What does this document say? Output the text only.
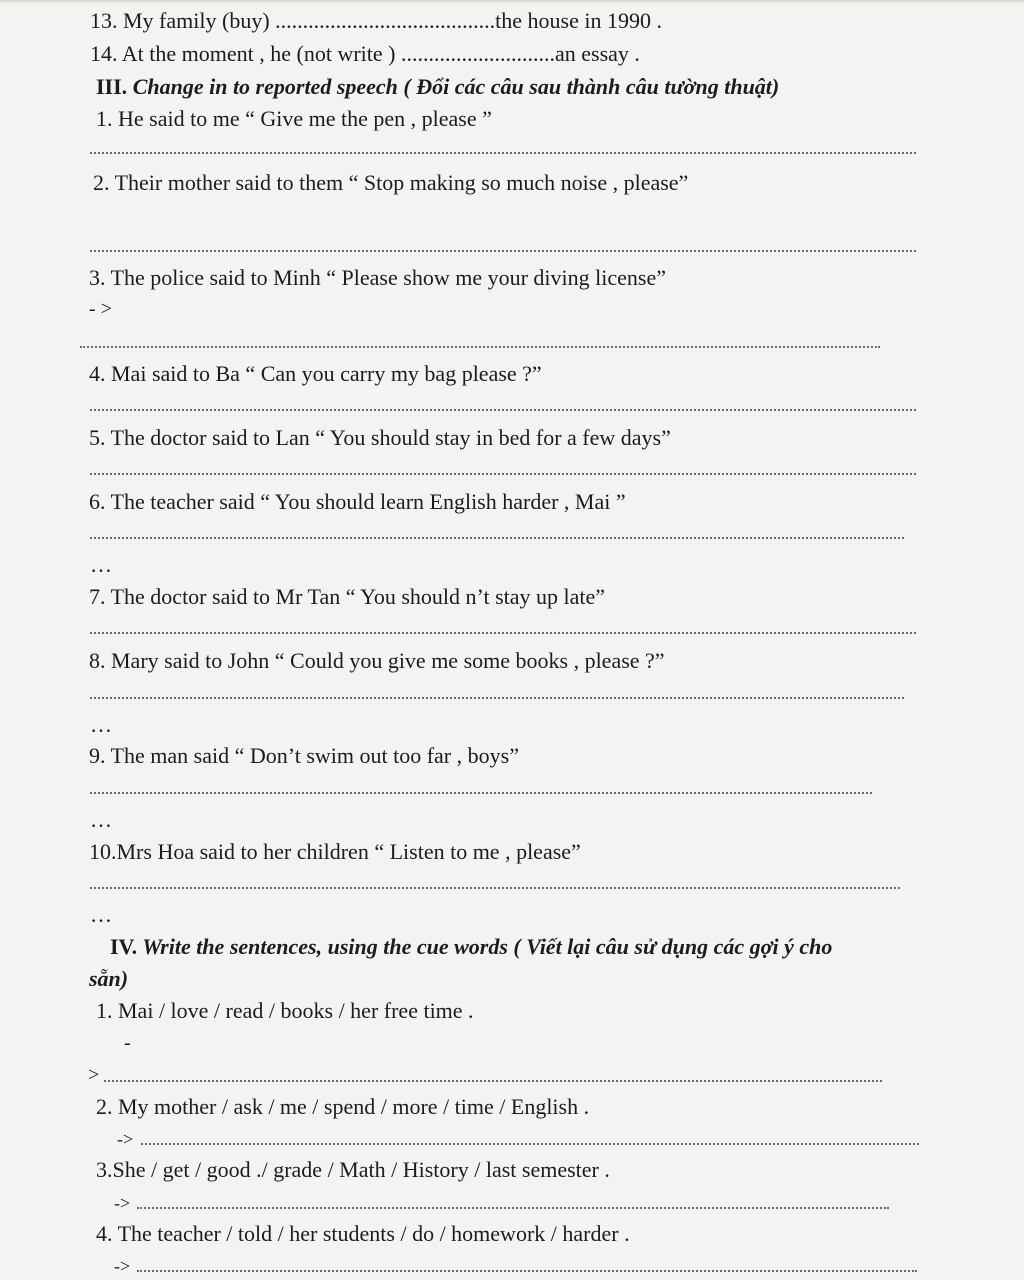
13. My family (buy) ........................................the house in 1990 .
14. At the moment , he (not write ) ............................an essay .
III. Change in to reported speech ( Đổi các câu sau thành câu tường thuật)
1. He said to me “ Give me the pen , please ”
2. Their mother said to them “ Stop making so much noise , please”
3. The police said to Minh “ Please show me your diving license”
- >
4. Mai said to Ba “ Can you carry my bag please ?”
5. The doctor said to Lan “ You should stay in bed for a few days”
6. The teacher said “ You should learn English harder , Mai ”
…
7. The doctor said to Mr Tan “ You should n’t stay up late”
8. Mary said to John “ Could you give me some books , please ?”
…
9. The man said “ Don’t swim out too far , boys”
…
10.Mrs Hoa said to her children “ Listen to me , please”
…
IV. Write the sentences, using the cue words ( Viết lại câu sử dụng các gợi ý cho
sẵn)
1. Mai / love / read / books / her free time .
-
>
2. My mother / ask / me / spend / more / time / English .
->
3.She / get / good ./ grade / Math / History / last semester .
->
4. The teacher / told / her students / do / homework / harder .
->
